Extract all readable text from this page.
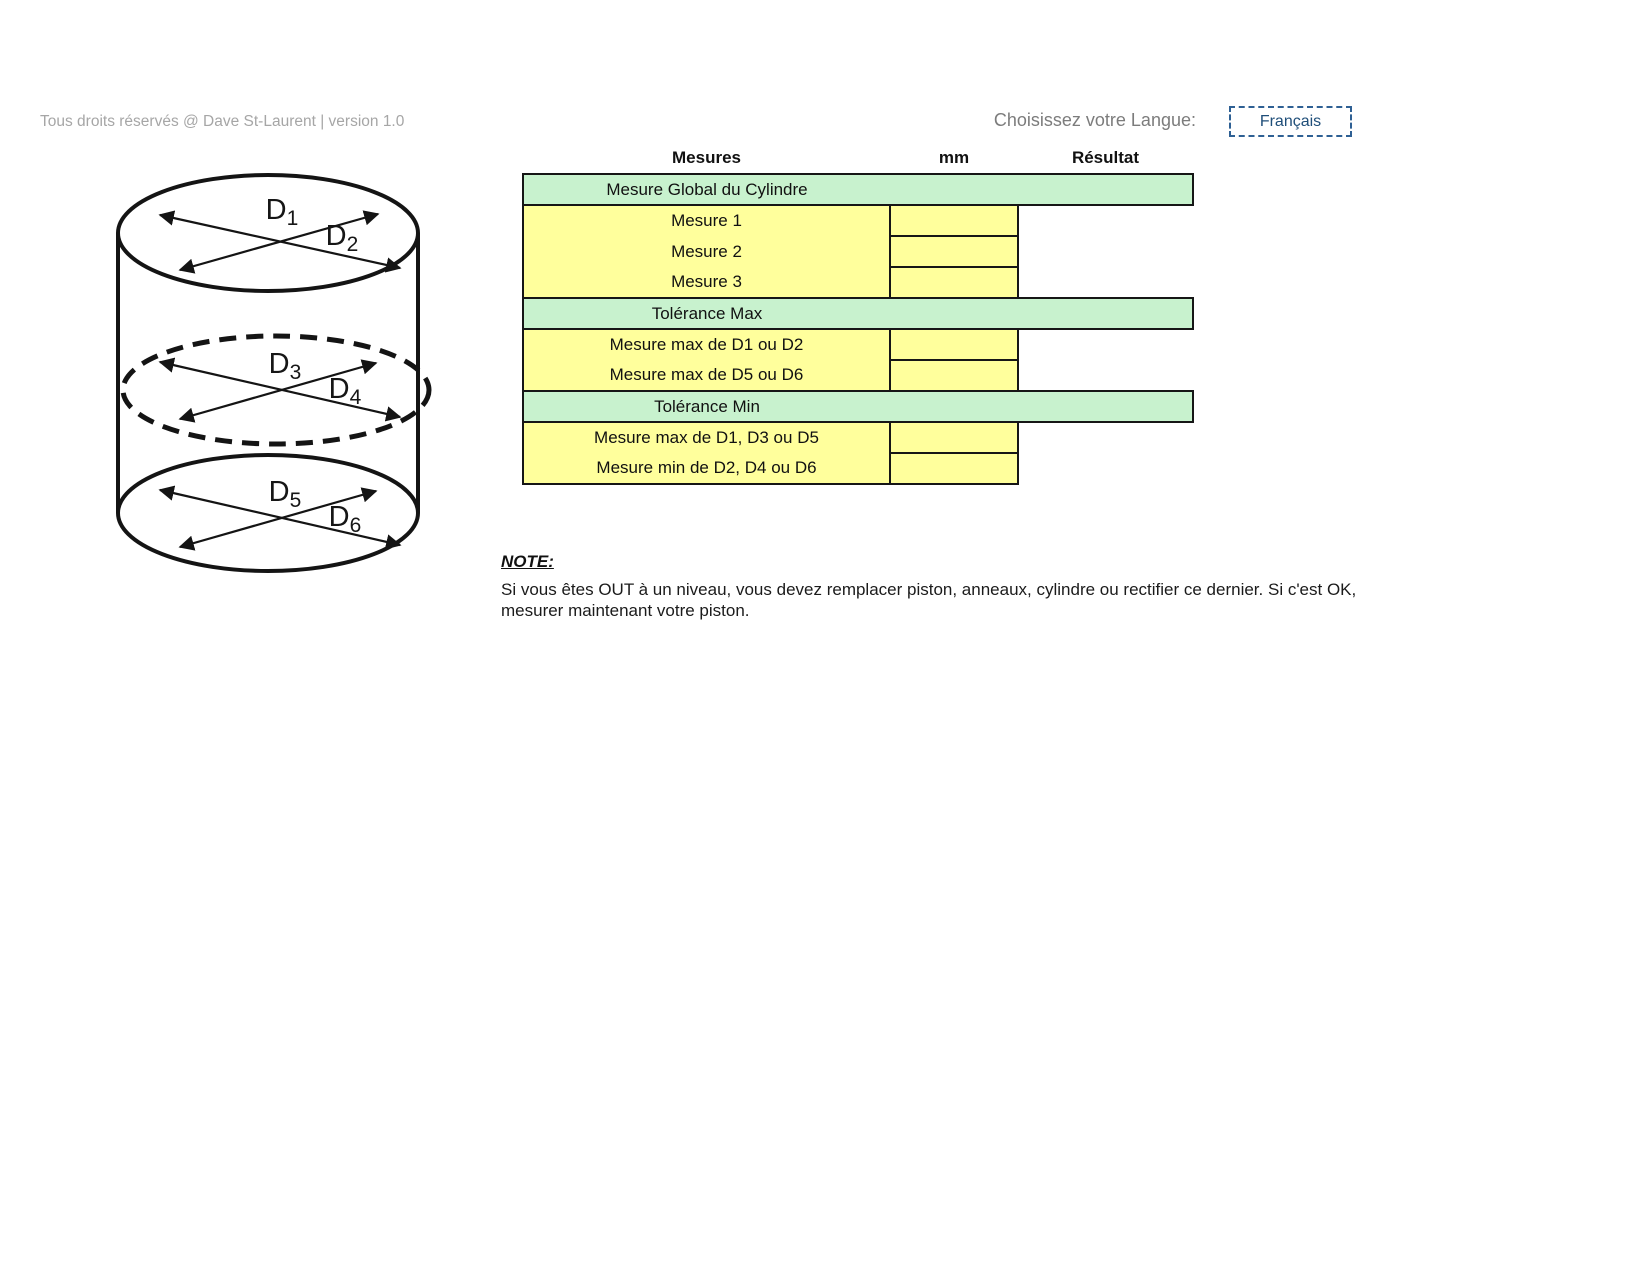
Tous droits réservés @ Dave St-Laurent | version 1.0	Choisissez votre Langue:	Français
$D_1$
$D_2$
$D_3$
$D_4$
$D_5$
$D_6$
Mesures	mm	Résultat

Mesure Global du Cylindre		

Mesure 1		
Mesure 2		
Mesure 3		

Tolérance Max		

Mesure max de D1 ou D2		
Mesure max de D5 ou D6		

Tolérance Min		

Mesure max de D1, D3 ou D5		
Mesure min de D2, D4 ou D6		
NOTE:
Si vous êtes OUT à un niveau, vous devez remplacer piston, anneaux, cylindre ou rectifier ce dernier. Si c'est OK, mesurer maintenant votre piston.
